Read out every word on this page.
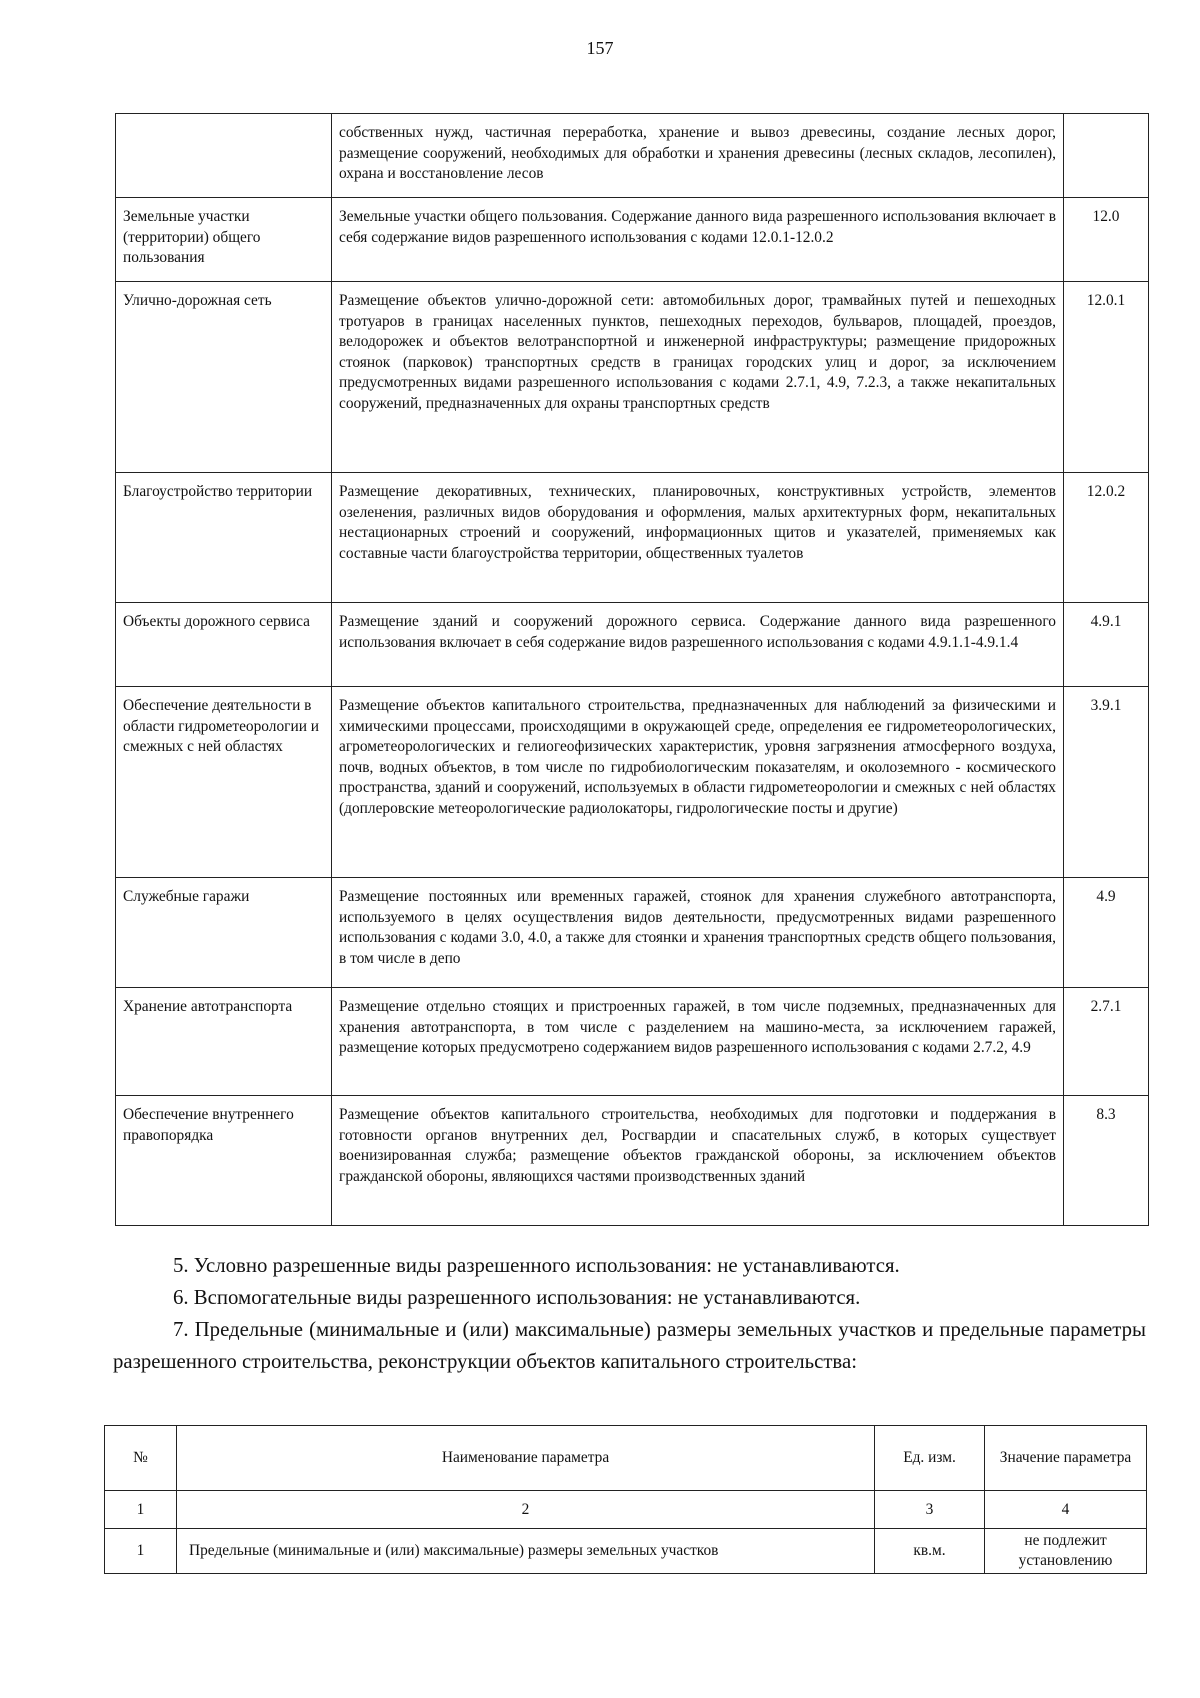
157
	собственных нужд, частичная переработка, хранение и вывоз древесины, создание лесных дорог, размещение сооружений, необходимых для обработки и хранения древесины (лесных складов, лесопилен), охрана и восстановление лесов	
Земельные участки (территории) общего пользования	Земельные участки общего пользования. Содержание данного вида разрешенного использования включает в себя содержание видов разрешенного использования с кодами 12.0.1-12.0.2	12.0
Улично-дорожная сеть	Размещение объектов улично-дорожной сети: автомобильных дорог, трамвайных путей и пешеходных тротуаров в границах населенных пунктов, пешеходных переходов, бульваров, площадей, проездов, велодорожек и объектов велотранспортной и инженерной инфраструктуры; размещение придорожных стоянок (парковок) транспортных средств в границах городских улиц и дорог, за исключением предусмотренных видами разрешенного использования с кодами 2.7.1, 4.9, 7.2.3, а также некапитальных сооружений, предназначенных для охраны транспортных средств	12.0.1
Благоустройство территории	Размещение декоративных, технических, планировочных, конструктивных устройств, элементов озеленения, различных видов оборудования и оформления, малых архитектурных форм, некапитальных нестационарных строений и сооружений, информационных щитов и указателей, применяемых как составные части благоустройства территории, общественных туалетов	12.0.2
Объекты дорожного сервиса	Размещение зданий и сооружений дорожного сервиса. Содержание данного вида разрешенного использования включает в себя содержание видов разрешенного использования с кодами 4.9.1.1-4.9.1.4	4.9.1
Обеспечение деятельности в области гидрометеорологии и смежных с ней областях	Размещение объектов капитального строительства, предназначенных для наблюдений за физическими и химическими процессами, происходящими в окружающей среде, определения ее гидрометеорологических, агрометеорологических и гелиогеофизических характеристик, уровня загрязнения атмосферного воздуха, почв, водных объектов, в том числе по гидробиологическим показателям, и околоземного - космического пространства, зданий и сооружений, используемых в области гидрометеорологии и смежных с ней областях (доплеровские метеорологические радиолокаторы, гидрологические посты и другие)	3.9.1
Служебные гаражи	Размещение постоянных или временных гаражей, стоянок для хранения служебного автотранспорта, используемого в целях осуществления видов деятельности, предусмотренных видами разрешенного использования с кодами 3.0, 4.0, а также для стоянки и хранения транспортных средств общего пользования, в том числе в депо	4.9
Хранение автотранспорта	Размещение отдельно стоящих и пристроенных гаражей, в том числе подземных, предназначенных для хранения автотранспорта, в том числе с разделением на машино-места, за исключением гаражей, размещение которых предусмотрено содержанием видов разрешенного использования с кодами 2.7.2, 4.9	2.7.1
Обеспечение внутреннего правопорядка	Размещение объектов капитального строительства, необходимых для подготовки и поддержания в готовности органов внутренних дел, Росгвардии и спасательных служб, в которых существует военизированная служба; размещение объектов гражданской обороны, за исключением объектов гражданской обороны, являющихся частями производственных зданий	8.3

5. Условно разрешенные виды разрешенного использования: не устанавливаются.

6. Вспомогательные виды разрешенного использования: не устанавливаются.

7. Предельные (минимальные и (или) максимальные) размеры земельных участков и предельные параметры разрешенного строительства, реконструкции объектов капитального строительства:

№	Наименование параметра	Ед. изм.	Значение параметра
1	2	3	4
1	Предельные (минимальные и (или) максимальные) размеры земельных участков	кв.м.	не подлежит установлению
